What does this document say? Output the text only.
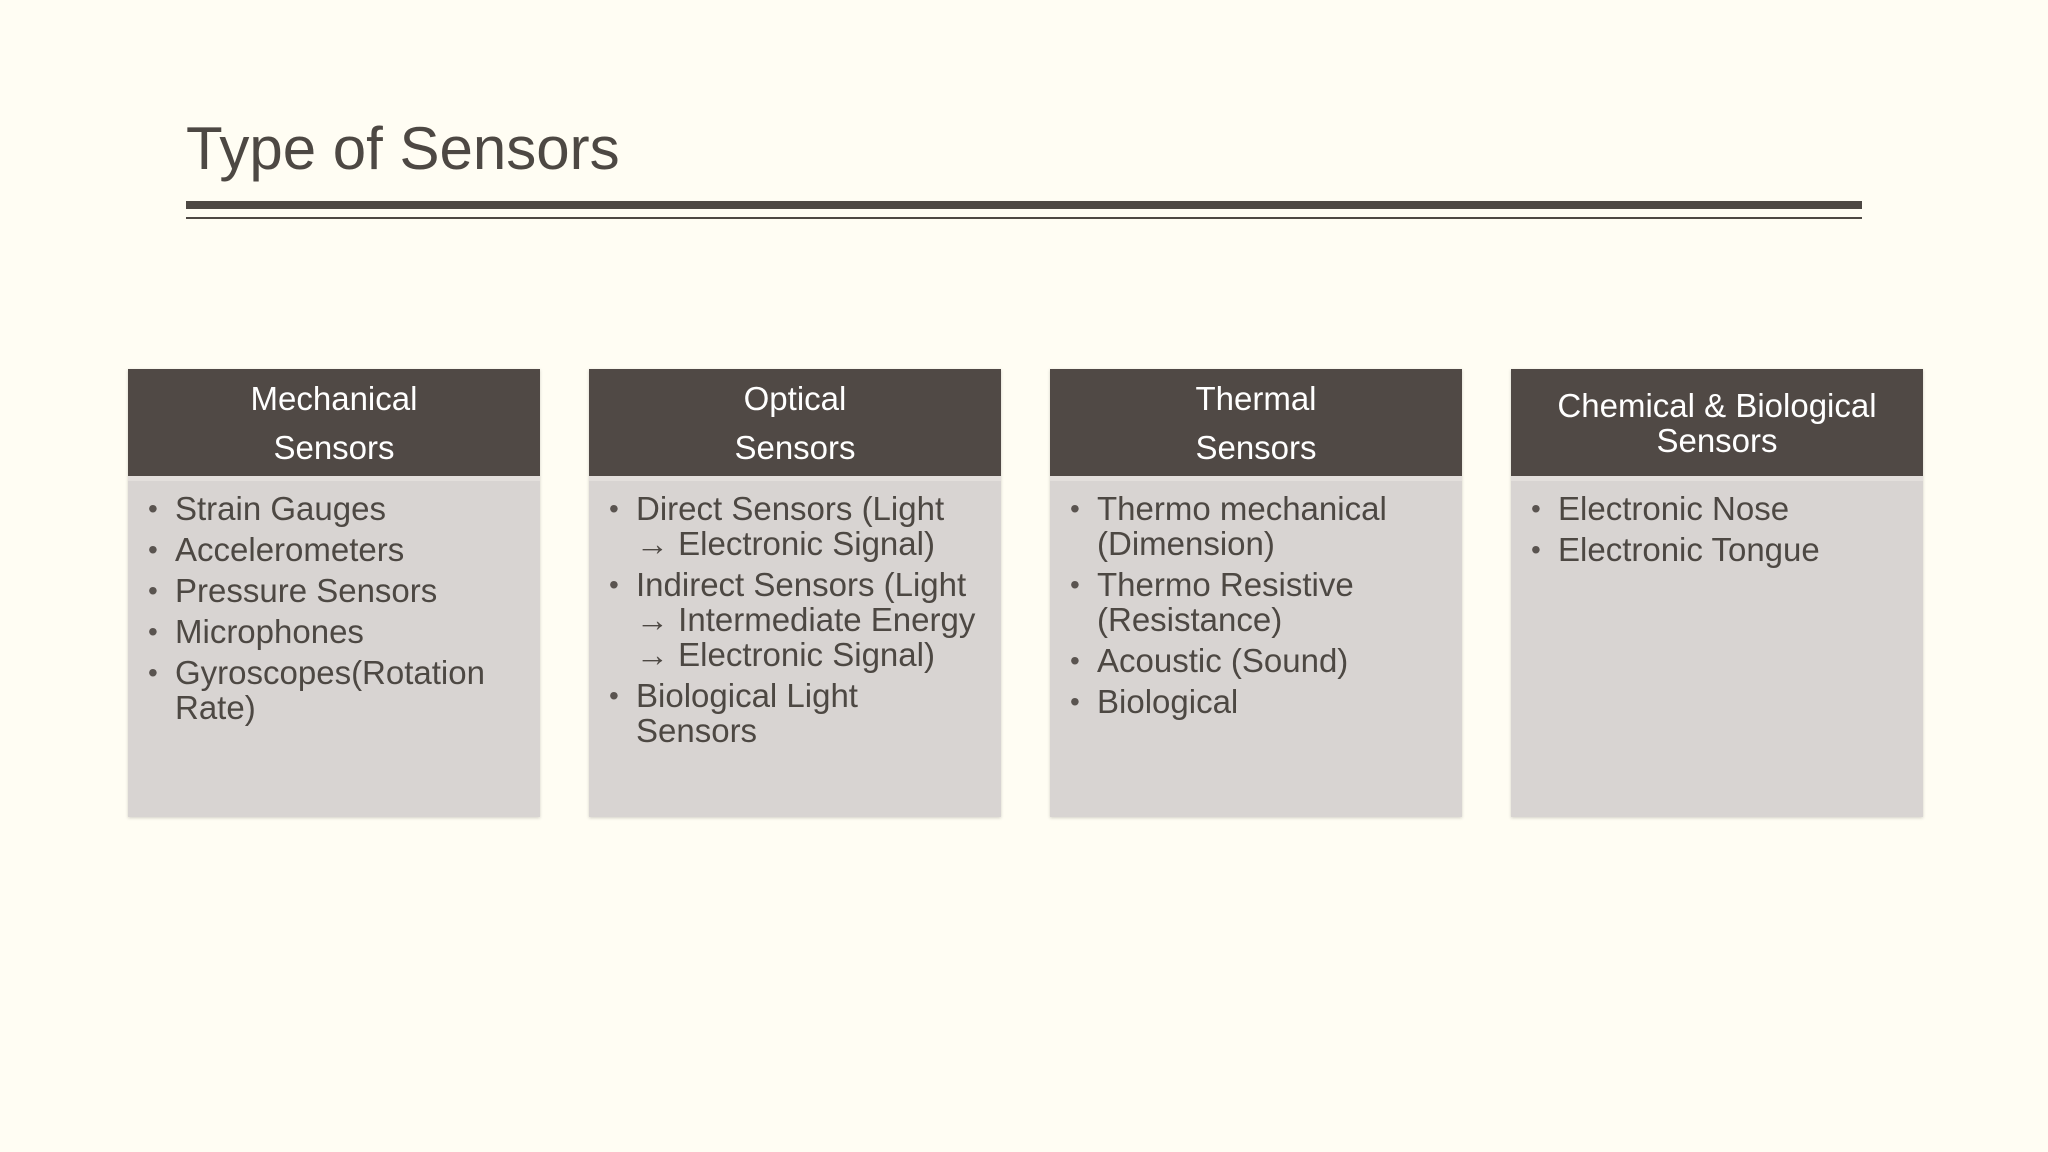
Type of Sensors
Mechanical
Sensors
• Strain Gauges
• Accelerometers
• Pressure Sensors
• Microphones
• Gyroscopes(Rotation Rate)
Optical
Sensors
• Direct Sensors (Light → Electronic Signal)
• Indirect Sensors (Light → Intermediate Energy → Electronic Signal)
• Biological Light Sensors
Thermal
Sensors
• Thermo mechanical (Dimension)
• Thermo Resistive (Resistance)
• Acoustic (Sound)
• Biological
Chemical & Biological
Sensors
• Electronic Nose
• Electronic Tongue
